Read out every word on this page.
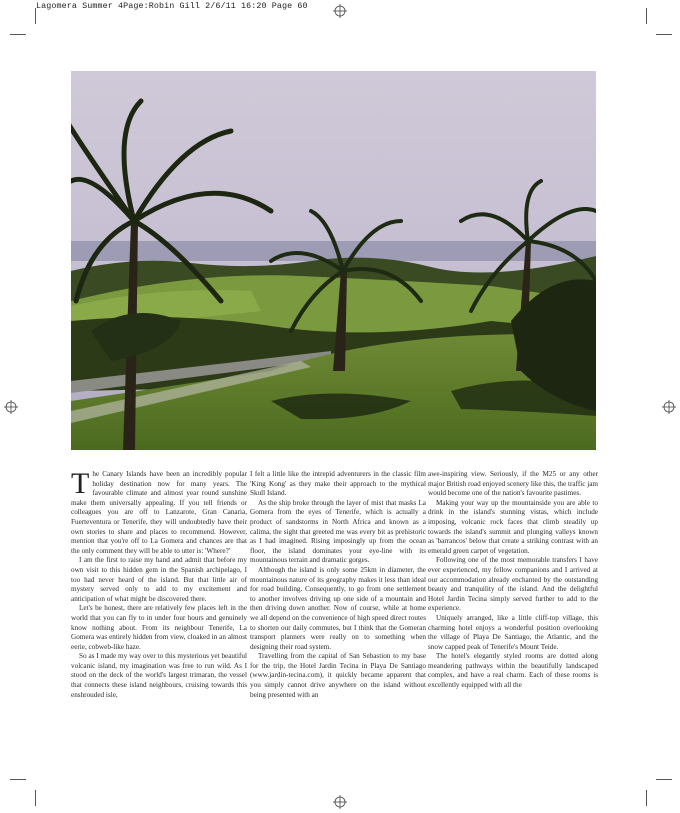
Lagomera Summer 4Page:Robin Gill 2/6/11 16:20 Page 60

The Canary Islands have been an incredibly popular holiday destination now for many years. The favourable climate and almost year round sunshine make them universally appealing. If you tell friends or colleagues you are off to Lanzarote, Gran Canaria, Fuerteventura or Tenerife, they will undoubtedly have their own stories to share and places to recommend. However, mention that you're off to La Gomera and chances are that the only comment they will be able to utter is: 'Where?'

I am the first to raise my hand and admit that before my own visit to this hidden gem in the Spanish archipelago, I too had never heard of the island. But that little air of mystery served only to add to my excitement and anticipation of what might be discovered there.

Let's be honest, there are relatively few places left in the world that you can fly to in under four hours and genuinely know nothing about. From its neighbour Tenerife, La Gomera was entirely hidden from view, cloaked in an almost eerie, cobweb-like haze.

So as I made my way over to this mysterious yet beautiful volcanic island, my imagination was free to run wild. As I stood on the deck of the world's largest trimaran, the vessel that connects these island neighbours, cruising towards this enshrouded isle,

I felt a little like the intrepid adventurers in the classic film 'King Kong' as they make their approach to the mythical Skull Island.

As the ship broke through the layer of mist that masks La Gomera from the eyes of Tenerife, which is actually a product of sandstorms in North Africa and known as a calima, the sight that greeted me was every bit as prehistoric as I had imagined. Rising imposingly up from the ocean floor, the island dominates your eye-line with its mountainous terrain and dramatic gorges.

Although the island is only some 25km in diameter, the mountainous nature of its geography makes it less than ideal for road building. Consequently, to go from one settlement to another involves driving up one side of a mountain and then driving down another. Now of course, while at home we all depend on the convenience of high speed direct routes to shorten our daily commutes, but I think that the Gomeran transport planners were really on to something when designing their road system.

Travelling from the capital of San Sebastion to my base for the trip, the Hotel Jardin Tecina in Playa De Santiago (www.jardin-tecina.com), it quickly became apparent that you simply cannot drive anywhere on the island without being presented with an

awe-inspiring view. Seriously, if the M25 or any other major British road enjoyed scenery like this, the traffic jam would become one of the nation's favourite pastimes.

Making your way up the mountainside you are able to drink in the island's stunning vistas, which include imposing, volcanic rock faces that climb steadily up towards the island's summit and plunging valleys known as 'barrancos' below that create a striking contrast with an emerald green carpet of vegetation.

Following one of the most memorable transfers I have ever experienced, my fellow companions and I arrived at our accommodation already enchanted by the outstanding beauty and tranquility of the island. And the delightful Hotel Jardin Tecina simply served further to add to the experience.

Uniquely arranged, like a little cliff-top village, this charming hotel enjoys a wonderful position overlooking the village of Playa De Santiago, the Atlantic, and the snow capped peak of Tenerife's Mount Teide.

The hotel's elegantly styled rooms are dotted along meandering pathways within the beautifully landscaped complex, and have a real charm. Each of these rooms is excellently equipped with all the
